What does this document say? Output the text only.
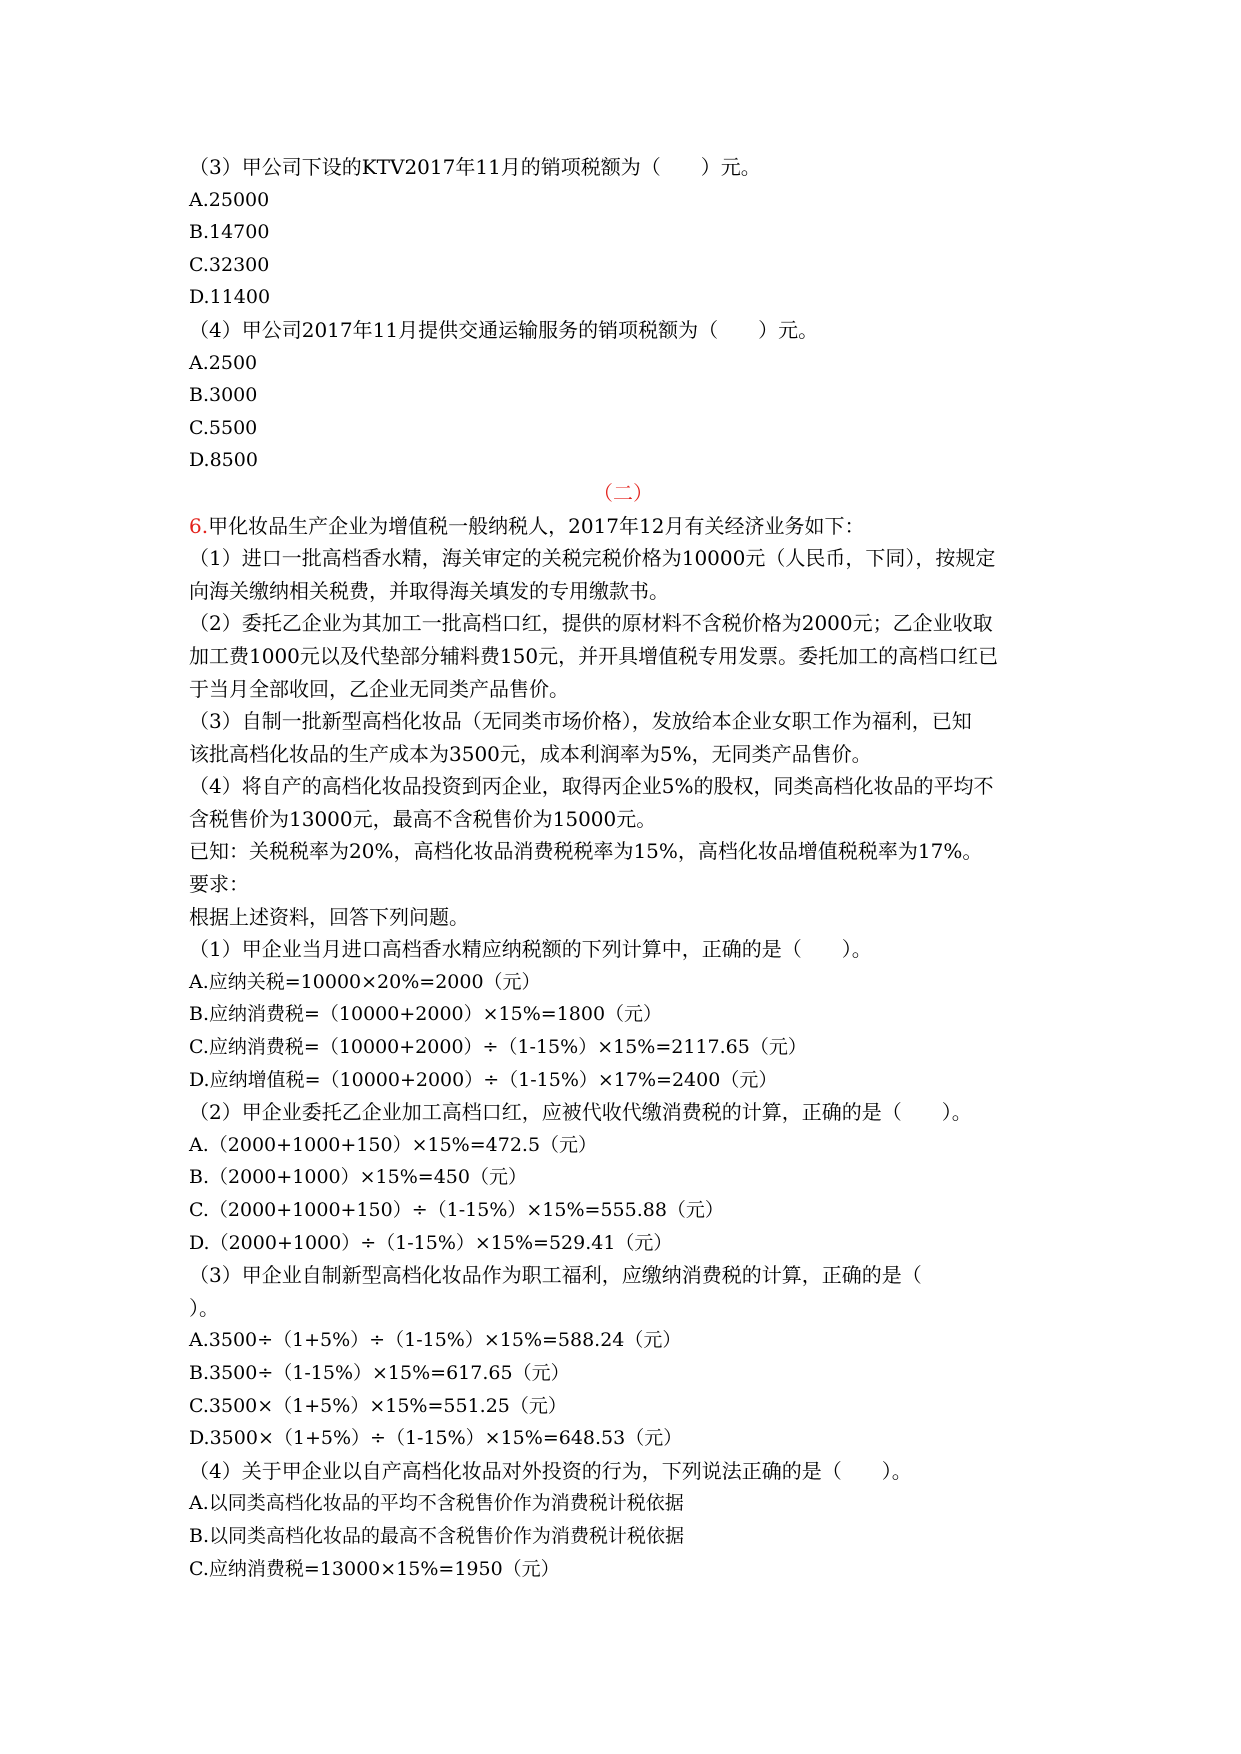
（3）甲公司下设的KTV2017年11月的销项税额为（　　）元。
A.25000
B.14700
C.32300
D.11400
（4）甲公司2017年11月提供交通运输服务的销项税额为（　　）元。
A.2500
B.3000
C.5500
D.8500
（二）
6.甲化妆品生产企业为增值税一般纳税人，2017年12月有关经济业务如下：
（1）进口一批高档香水精，海关审定的关税完税价格为10000元（人民币，下同），按规定
向海关缴纳相关税费，并取得海关填发的专用缴款书。
（2）委托乙企业为其加工一批高档口红，提供的原材料不含税价格为2000元；乙企业收取
加工费1000元以及代垫部分辅料费150元，并开具增值税专用发票。委托加工的高档口红已
于当月全部收回，乙企业无同类产品售价。
（3）自制一批新型高档化妆品（无同类市场价格），发放给本企业女职工作为福利，已知
该批高档化妆品的生产成本为3500元，成本利润率为5%，无同类产品售价。
（4）将自产的高档化妆品投资到丙企业，取得丙企业5%的股权，同类高档化妆品的平均不
含税售价为13000元，最高不含税售价为15000元。
已知：关税税率为20%，高档化妆品消费税税率为15%，高档化妆品增值税税率为17%。
要求：
根据上述资料，回答下列问题。
（1）甲企业当月进口高档香水精应纳税额的下列计算中，正确的是（　　）。
A.应纳关税=10000×20%=2000（元）
B.应纳消费税=（10000+2000）×15%=1800（元）
C.应纳消费税=（10000+2000）÷（1-15%）×15%=2117.65（元）
D.应纳增值税=（10000+2000）÷（1-15%）×17%=2400（元）
（2）甲企业委托乙企业加工高档口红，应被代收代缴消费税的计算，正确的是（　　）。
A.（2000+1000+150）×15%=472.5（元）
B.（2000+1000）×15%=450（元）
C.（2000+1000+150）÷（1-15%）×15%=555.88（元）
D.（2000+1000）÷（1-15%）×15%=529.41（元）
（3）甲企业自制新型高档化妆品作为职工福利，应缴纳消费税的计算，正确的是（
）。
A.3500÷（1+5%）÷（1-15%）×15%=588.24（元）
B.3500÷（1-15%）×15%=617.65（元）
C.3500×（1+5%）×15%=551.25（元）
D.3500×（1+5%）÷（1-15%）×15%=648.53（元）
（4）关于甲企业以自产高档化妆品对外投资的行为，下列说法正确的是（　　）。
A.以同类高档化妆品的平均不含税售价作为消费税计税依据
B.以同类高档化妆品的最高不含税售价作为消费税计税依据
C.应纳消费税=13000×15%=1950（元）
